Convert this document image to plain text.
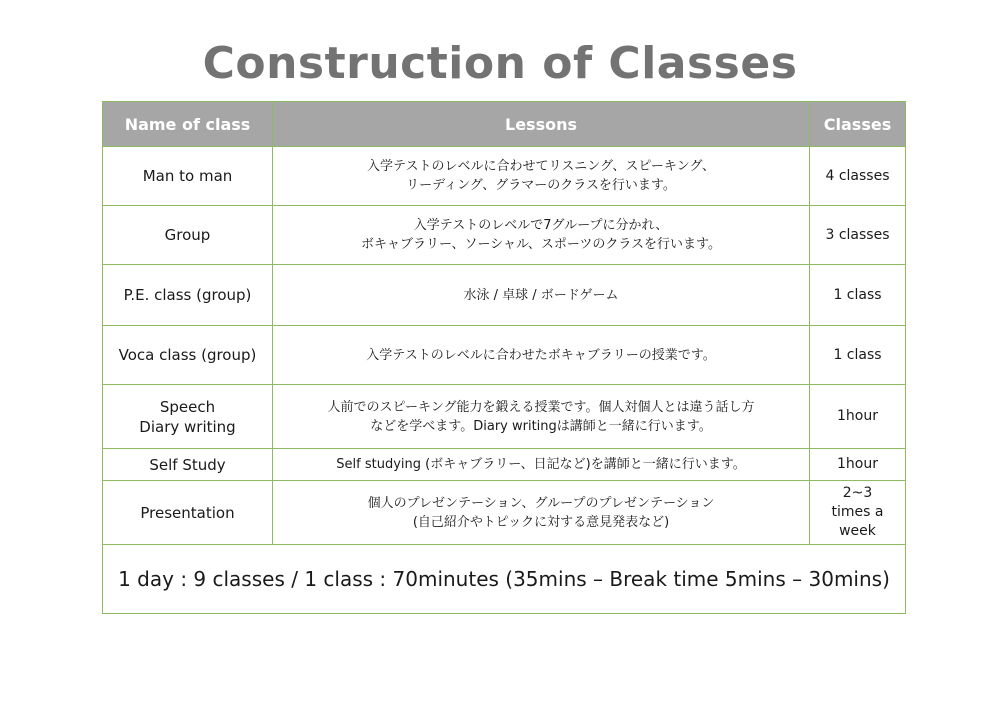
Construction of Classes
Name of class	Lessons	Classes

Man to man	入学テストのレベルに合わせてリスニング、スピーキング、
リーディング、グラマーのクラスを行います。	4 classes

Group	入学テストのレベルで7グループに分かれ、
ボキャブラリー、ソーシャル、スポーツのクラスを行います。	3 classes

P.E. class (group)	水泳 / 卓球 / ボードゲーム	1 class

Voca class (group)	入学テストのレベルに合わせたボキャブラリーの授業です。	1 class

Speech
Diary writing	人前でのスピーキング能力を鍛える授業です。個人対個人とは違う話し方
などを学べます。Diary writingは講師と一緒に行います。	1hour

Self Study	Self studying (ボキャブラリー、日記など)を講師と一緒に行います。	1hour

Presentation	個人のプレゼンテーション、グループのプレゼンテーション
(自己紹介やトピックに対する意見発表など)	2~3
times a
week

1 day : 9 classes / 1 class : 70minutes (35mins – Break time 5mins – 30mins)		
